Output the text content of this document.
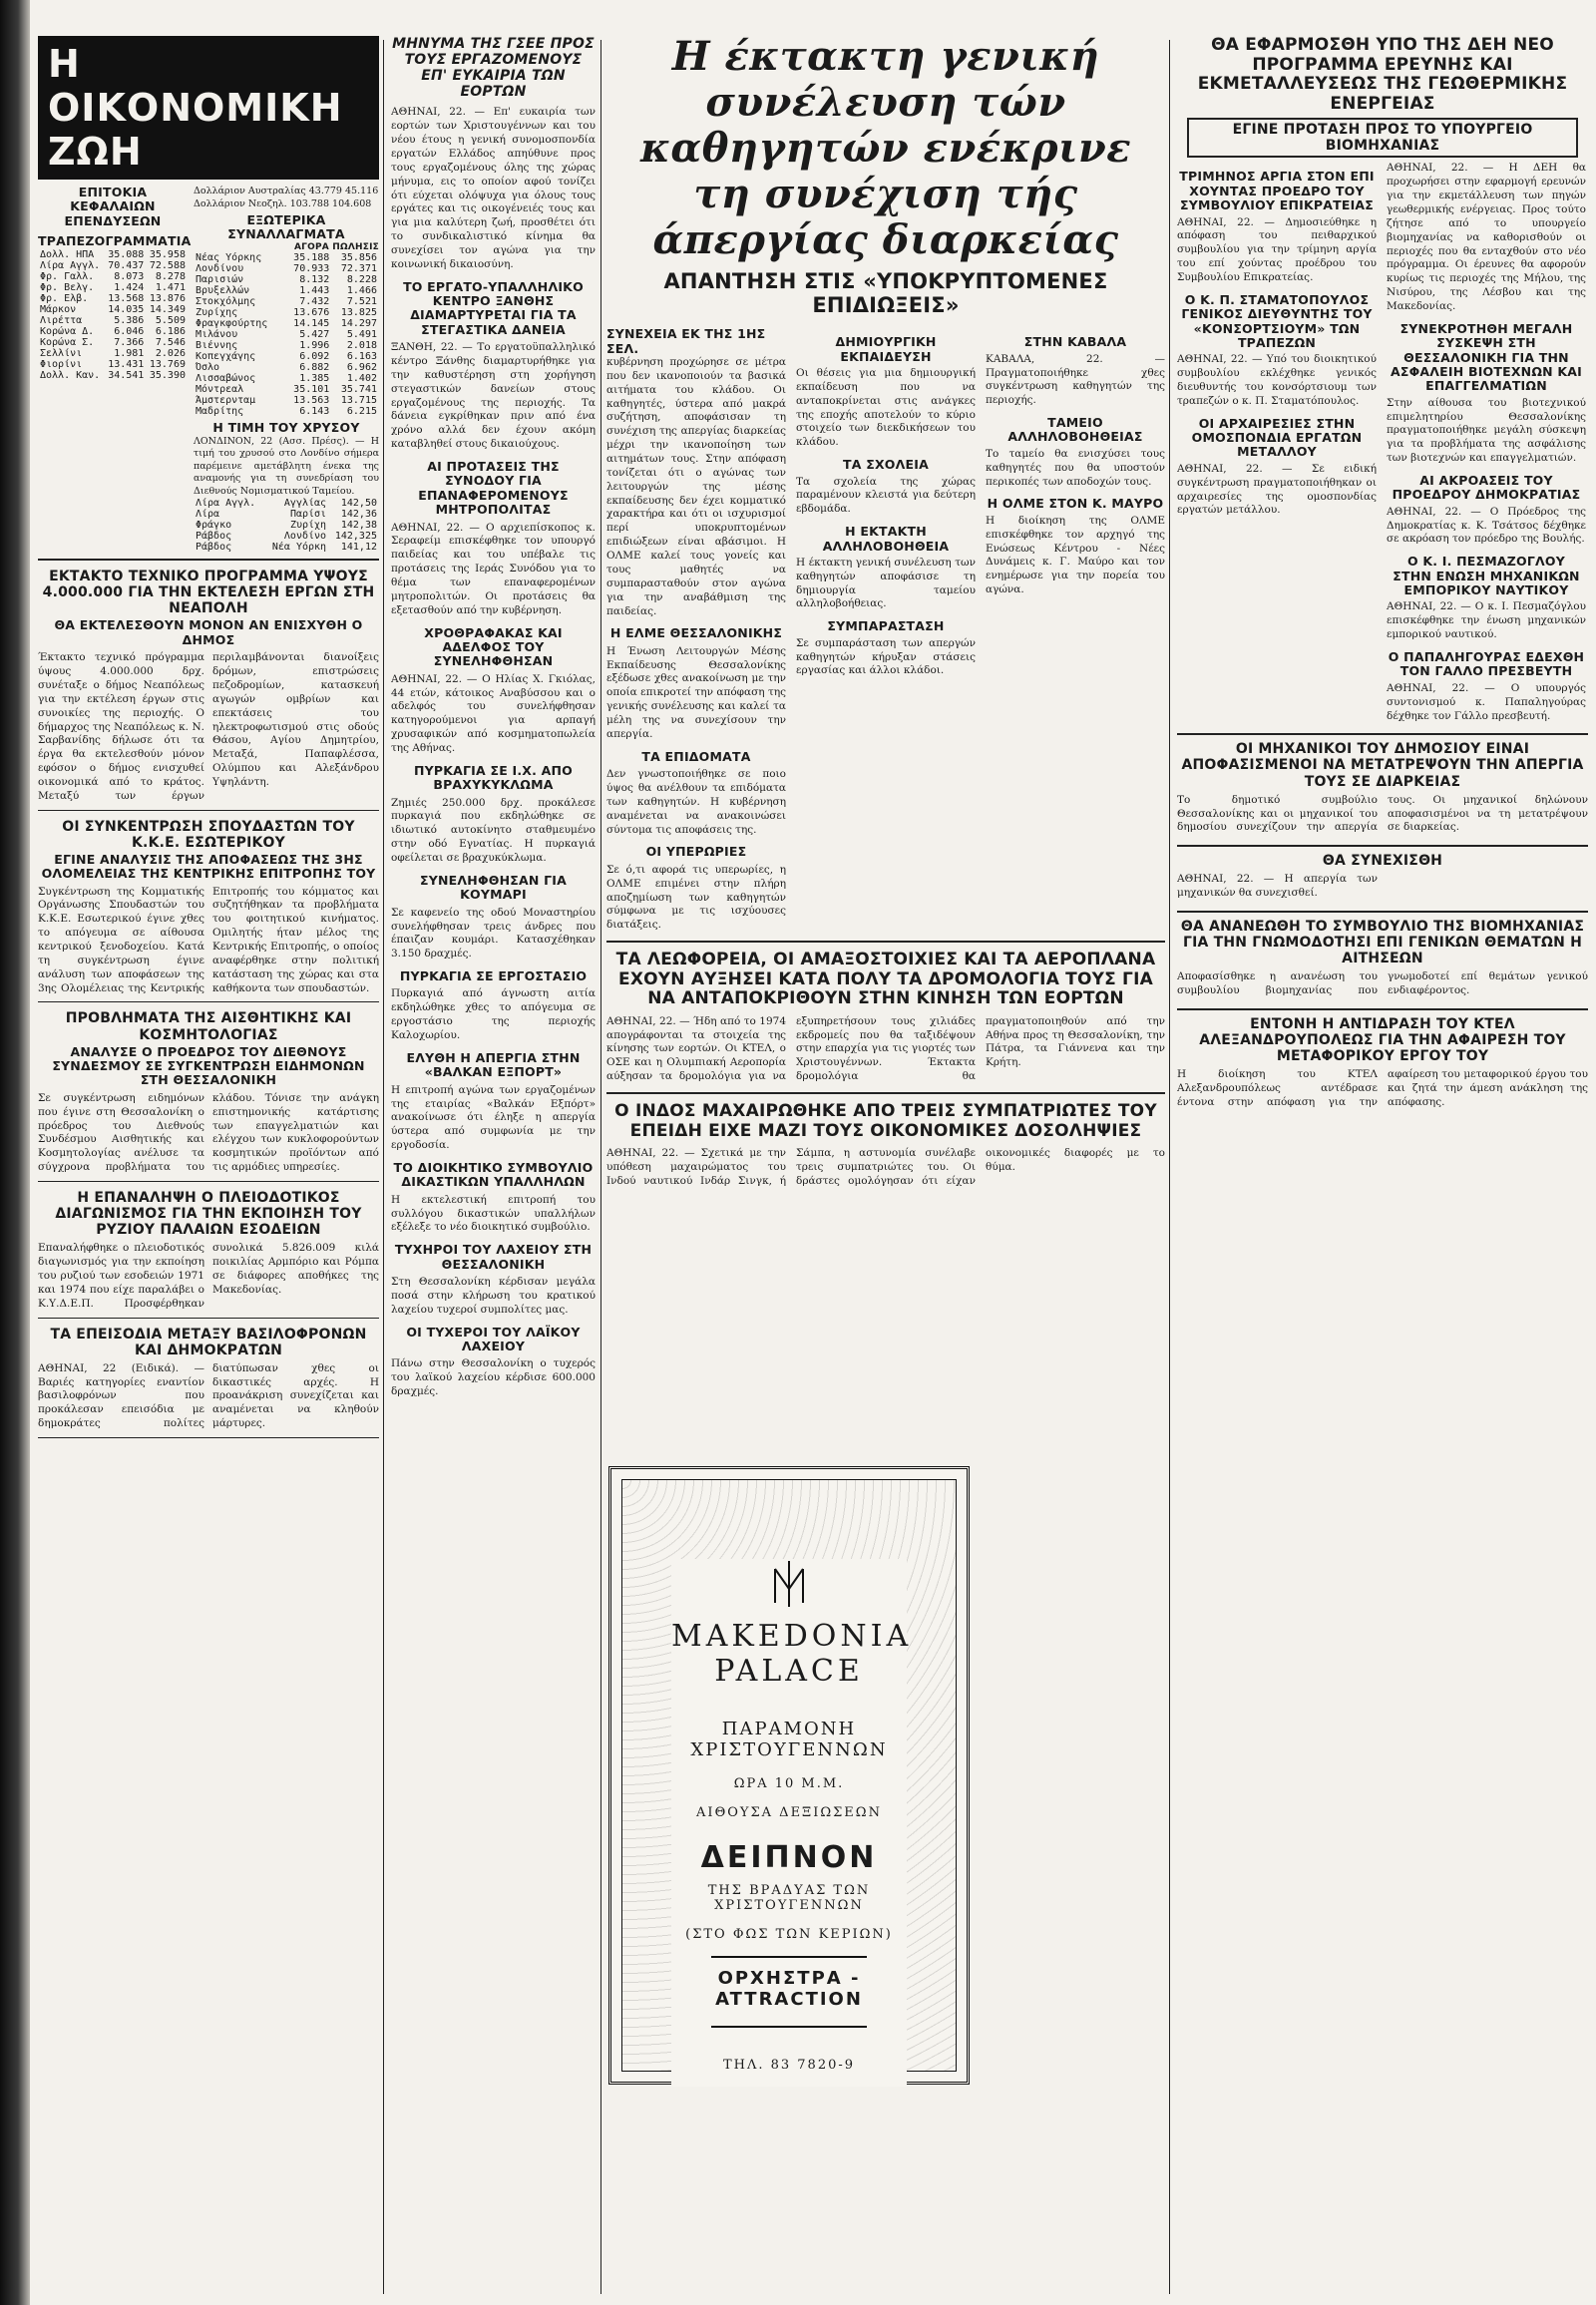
Η ΟΙΚΟΝΟΜΙΚΗ ΖΩΗ
ΕΠΙΤΟΚΙΑ ΚΕΦΑΛΑΙΩΝ ΕΠΕΝΔΥΣΕΩΝ
ΤΡΑΠΕΖΟΓΡΑΜΜΑΤΙΑ
Δολλ. ΗΠΑ	35.088	35.958
Λίρα Αγγλ.	70.437	72.588
Φρ. Γαλλ.	8.073	8.278
Φρ. Βελγ.	1.424	1.471
Φρ. Ελβ.	13.568	13.876
Μάρκον	14.035	14.349
Λιρέττα	5.386	5.509
Κορώνα Δ.	6.046	6.186
Κορώνα Σ.	7.366	7.546
Σελλίνι	1.981	2.026
Φιορίνι	13.431	13.769
Δολλ. Καν.	34.541	35.390
Δολλάριον Αυστραλίας 43.779 45.116
Δολλάριον Νεοζηλ. 103.788 104.608
ΕΞΩΤΕΡΙΚΑ ΣΥΝΑΛΛΑΓΜΑΤΑ
ΑΓΟΡΑ ΠΩΛΗΣΙΣ
Νέας Υόρκης	35.188	35.856
Λονδίνου	70.933	72.371
Παρισιών	8.132	8.228
Βρυξελλών	1.443	1.466
Στοκχόλμης	7.432	7.521
Ζυρίχης	13.676	13.825
Φραγκφούρτης	14.145	14.297
Μιλάνου	5.427	5.491
Βιέννης	1.996	2.018
Κοπεγχάγης	6.092	6.163
Όσλο	6.882	6.962
Λισσαβώνος	1.385	1.402
Μόντρεαλ	35.101	35.741
Άμστερνταμ	13.563	13.715
Μαδρίτης	6.143	6.215
Η ΤΙΜΗ ΤΟΥ ΧΡΥΣΟΥ
ΛΟΝΔΙΝΟΝ, 22 (Ασσ. Πρέσς). — Η τιμή του χρυσού στο Λονδίνο σήμερα παρέμεινε αμετάβλητη ένεκα της αναμονής για τη συνεδρίαση του Διεθνούς Νομισματικού Ταμείου.
Λίρα Αγγλ.	Αγγλίας	142,50
Λίρα	Παρίσι	142,36
Φράγκο	Ζυρίχη	142,38
Ράβδος	Λονδίνο	142,325
Ράβδος	Νέα Υόρκη	141,12
ΕΚΤΑΚΤΟ ΤΕΧΝΙΚΟ ΠΡΟΓΡΑΜΜΑ ΥΨΟΥΣ 4.000.000 ΓΙΑ ΤΗΝ ΕΚΤΕΛΕΣΗ ΕΡΓΩΝ ΣΤΗ ΝΕΑΠΟΛΗ
ΘΑ ΕΚΤΕΛΕΣΘΟΥΝ ΜΟΝΟΝ ΑΝ ΕΝΙΣΧΥΘΗ Ο ΔΗΜΟΣ
Έκτακτο τεχνικό πρόγραμμα ύψους 4.000.000 δρχ. συνέταξε ο δήμος Νεαπόλεως για την εκτέλεση έργων στις συνοικίες της περιοχής. Ο δήμαρχος της Νεαπόλεως κ. Ν. Σαρβανίδης δήλωσε ότι τα έργα θα εκτελεσθούν μόνον εφόσον ο δήμος ενισχυθεί οικονομικά από το κράτος. Μεταξύ των έργων περιλαμβάνονται διανοίξεις δρόμων, επιστρώσεις πεζοδρομίων, κατασκευή αγωγών ομβρίων και επεκτάσεις του ηλεκτροφωτισμού στις οδούς Θάσου, Αγίου Δημητρίου, Μεταξά, Παπαφλέσσα, Ολύμπου και Αλεξάνδρου Υψηλάντη.
ΟΙ ΣΥΝΚΕΝΤΡΩΣΗ ΣΠΟΥΔΑΣΤΩΝ ΤΟΥ Κ.Κ.Ε. ΕΣΩΤΕΡΙΚΟΥ
ΕΓΙΝΕ ΑΝΑΛΥΣΙΣ ΤΗΣ ΑΠΟΦΑΣΕΩΣ ΤΗΣ 3ΗΣ ΟΛΟΜΕΛΕΙΑΣ ΤΗΣ ΚΕΝΤΡΙΚΗΣ ΕΠΙΤΡΟΠΗΣ ΤΟΥ
Συγκέντρωση της Κομματικής Οργάνωσης Σπουδαστών του Κ.Κ.Ε. Εσωτερικού έγινε χθες το απόγευμα σε αίθουσα κεντρικού ξενοδοχείου. Κατά τη συγκέντρωση έγινε ανάλυση των αποφάσεων της 3ης Ολομέλειας της Κεντρικής Επιτροπής του κόμματος και συζητήθηκαν τα προβλήματα του φοιτητικού κινήματος. Ομιλητής ήταν μέλος της Κεντρικής Επιτροπής, ο οποίος αναφέρθηκε στην πολιτική κατάσταση της χώρας και στα καθήκοντα των σπουδαστών.
ΠΡΟΒΛΗΜΑΤΑ ΤΗΣ ΑΙΣΘΗΤΙΚΗΣ ΚΑΙ ΚΟΣΜΗΤΟΛΟΓΙΑΣ
ΑΝΑΛΥΣΕ Ο ΠΡΟΕΔΡΟΣ ΤΟΥ ΔΙΕΘΝΟΥΣ ΣΥΝΔΕΣΜΟΥ ΣΕ ΣΥΓΚΕΝΤΡΩΣΗ ΕΙΔΗΜΟΝΩΝ ΣΤΗ ΘΕΣΣΑΛΟΝΙΚΗ
Σε συγκέντρωση ειδημόνων που έγινε στη Θεσσαλονίκη ο πρόεδρος του Διεθνούς Συνδέσμου Αισθητικής και Κοσμητολογίας ανέλυσε τα σύγχρονα προβλήματα του κλάδου. Τόνισε την ανάγκη επιστημονικής κατάρτισης των επαγγελματιών και ελέγχου των κυκλοφορούντων κοσμητικών προϊόντων από τις αρμόδιες υπηρεσίες.
Η ΕΠΑΝΑΛΗΨΗ Ο ΠΛΕΙΟΔΟΤΙΚΟΣ ΔΙΑΓΩΝΙΣΜΟΣ ΓΙΑ ΤΗΝ ΕΚΠΟΙΗΣΗ ΤΟΥ ΡΥΖΙΟΥ ΠΑΛΑΙΩΝ ΕΣΟΔΕΙΩΝ
Επαναλήφθηκε ο πλειοδοτικός διαγωνισμός για την εκποίηση του ρυζιού των εσοδειών 1971 και 1974 που είχε παραλάβει ο Κ.Υ.Δ.Ε.Π. Προσφέρθηκαν συνολικά 5.826.009 κιλά ποικιλίας Αρμπόριο και Ρόμπα σε διάφορες αποθήκες της Μακεδονίας.
ΤΑ ΕΠΕΙΣΟΔΙΑ ΜΕΤΑΞΥ ΒΑΣΙΛΟΦΡΟΝΩΝ ΚΑΙ ΔΗΜΟΚΡΑΤΩΝ
ΑΘΗΝΑΙ, 22 (Ειδικά). — Βαριές κατηγορίες εναντίον βασιλοφρόνων που προκάλεσαν επεισόδια με δημοκράτες πολίτες διατύπωσαν χθες οι δικαστικές αρχές. Η προανάκριση συνεχίζεται και αναμένεται να κληθούν μάρτυρες.
ΜΗΝΥΜΑ ΤΗΣ ΓΣΕΕ ΠΡΟΣ ΤΟΥΣ ΕΡΓΑΖΟΜΕΝΟΥΣ ΕΠ' ΕΥΚΑΙΡΙΑ ΤΩΝ ΕΟΡΤΩΝ
ΑΘΗΝΑΙ, 22. — Επ' ευκαιρία των εορτών των Χριστουγέννων και του νέου έτους η γενική συνομοσπονδία εργατών Ελλάδος απηύθυνε προς τους εργαζομένους όλης της χώρας μήνυμα, εις το οποίον αφού τονίζει ότι εύχεται ολόψυχα για όλους τους εργάτες και τις οικογένειές τους και για μια καλύτερη ζωή, προσθέτει ότι το συνδικαλιστικό κίνημα θα συνεχίσει τον αγώνα για την κοινωνική δικαιοσύνη.
ΤΟ ΕΡΓΑΤΟ-ΥΠΑΛΛΗΛΙΚΟ ΚΕΝΤΡΟ ΞΑΝΘΗΣ ΔΙΑΜΑΡΤΥΡΕΤΑΙ ΓΙΑ ΤΑ ΣΤΕΓΑΣΤΙΚΑ ΔΑΝΕΙΑ
ΞΑΝΘΗ, 22. — Το εργατοϋπαλληλικό κέντρο Ξάνθης διαμαρτυρήθηκε για την καθυστέρηση στη χορήγηση στεγαστικών δανείων στους εργαζομένους της περιοχής. Τα δάνεια εγκρίθηκαν πριν από ένα χρόνο αλλά δεν έχουν ακόμη καταβληθεί στους δικαιούχους.
ΑΙ ΠΡΟΤΑΣΕΙΣ ΤΗΣ ΣΥΝΟΔΟΥ ΓΙΑ ΕΠΑΝΑΦΕΡΟΜΕΝΟΥΣ ΜΗΤΡΟΠΟΛΙΤΑΣ
ΑΘΗΝΑΙ, 22. — Ο αρχιεπίσκοπος κ. Σεραφείμ επισκέφθηκε τον υπουργό παιδείας και του υπέβαλε τις προτάσεις της Ιεράς Συνόδου για το θέμα των επαναφερομένων μητροπολιτών. Οι προτάσεις θα εξετασθούν από την κυβέρνηση.
ΧΡΟΘΡΑΦΑΚΑΣ ΚΑΙ ΑΔΕΛΦΟΣ ΤΟΥ ΣΥΝΕΛΗΦΘΗΣΑΝ
ΑΘΗΝΑΙ, 22. — Ο Ηλίας Χ. Γκιόλας, 44 ετών, κάτοικος Αναβύσσου και ο αδελφός του συνελήφθησαν κατηγορούμενοι για αρπαγή χρυσαφικών από κοσμηματοπωλεία της Αθήνας.
ΠΥΡΚΑΓΙΑ ΣΕ Ι.Χ. ΑΠΟ ΒΡΑΧΥΚΥΚΛΩΜΑ
Ζημιές 250.000 δρχ. προκάλεσε πυρκαγιά που εκδηλώθηκε σε ιδιωτικό αυτοκίνητο σταθμευμένο στην οδό Εγνατίας. Η πυρκαγιά οφείλεται σε βραχυκύκλωμα.
ΣΥΝΕΛΗΦΘΗΣΑΝ ΓΙΑ ΚΟΥΜΑΡΙ
Σε καφενείο της οδού Μοναστηρίου συνελήφθησαν τρεις άνδρες που έπαιζαν κουμάρι. Κατασχέθηκαν 3.150 δραχμές.
ΠΥΡΚΑΓΙΑ ΣΕ ΕΡΓΟΣΤΑΣΙΟ
Πυρκαγιά από άγνωστη αιτία εκδηλώθηκε χθες το απόγευμα σε εργοστάσιο της περιοχής Καλοχωρίου.
ΕΛΥΘΗ Η ΑΠΕΡΓΙΑ ΣΤΗΝ «ΒΑΛΚΑΝ ΕΞΠΟΡΤ»
Η επιτροπή αγώνα των εργαζομένων της εταιρίας «Βαλκάν Εξπόρτ» ανακοίνωσε ότι έληξε η απεργία ύστερα από συμφωνία με την εργοδοσία.
ΤΟ ΔΙΟΙΚΗΤΙΚΟ ΣΥΜΒΟΥΛΙΟ ΔΙΚΑΣΤΙΚΩΝ ΥΠΑΛΛΗΛΩΝ
Η εκτελεστική επιτροπή του συλλόγου δικαστικών υπαλλήλων εξέλεξε το νέο διοικητικό συμβούλιο.
ΤΥΧΗΡΟΙ ΤΟΥ ΛΑΧΕΙΟΥ ΣΤΗ ΘΕΣΣΑΛΟΝΙΚΗ
Στη Θεσσαλονίκη κέρδισαν μεγάλα ποσά στην κλήρωση του κρατικού λαχείου τυχεροί συμπολίτες μας.
ΟΙ ΤΥΧΕΡΟΙ ΤΟΥ ΛΑΪΚΟΥ ΛΑΧΕΙΟΥ
Πάνω στην Θεσσαλονίκη ο τυχερός του λαϊκού λαχείου κέρδισε 600.000 δραχμές.
Η έκτακτη γενική συνέλευση τών καθηγητών ενέκρινε τη συνέχιση τής άπεργίας διαρκείας
ΑΠΑΝΤΗΣΗ ΣΤΙΣ «ΥΠΟΚΡΥΠΤΟΜΕΝΕΣ ΕΠΙΔΙΩΞΕΙΣ»
ΣΥΝΕΧΕΙΑ ΕΚ ΤΗΣ 1ΗΣ ΣΕΛ.
κυβέρνηση προχώρησε σε μέτρα που δεν ικανοποιούν τα βασικά αιτήματα του κλάδου. Οι καθηγητές, ύστερα από μακρά συζήτηση, αποφάσισαν τη συνέχιση της απεργίας διαρκείας μέχρι την ικανοποίηση των αιτημάτων τους. Στην απόφαση τονίζεται ότι ο αγώνας των λειτουργών της μέσης εκπαίδευσης δεν έχει κομματικό χαρακτήρα και ότι οι ισχυρισμοί περί υποκρυπτομένων επιδιώξεων είναι αβάσιμοι. Η ΟΛΜΕ καλεί τους γονείς και τους μαθητές να συμπαρασταθούν στον αγώνα για την αναβάθμιση της παιδείας.
Η ΕΛΜΕ ΘΕΣΣΑΛΟΝΙΚΗΣ
Η Ένωση Λειτουργών Μέσης Εκπαίδευσης Θεσσαλονίκης εξέδωσε χθες ανακοίνωση με την οποία επικροτεί την απόφαση της γενικής συνέλευσης και καλεί τα μέλη της να συνεχίσουν την απεργία.
ΤΑ ΕΠΙΔΟΜΑΤΑ
Δεν γνωστοποιήθηκε σε ποιο ύψος θα ανέλθουν τα επιδόματα των καθηγητών. Η κυβέρνηση αναμένεται να ανακοινώσει σύντομα τις αποφάσεις της.
ΟΙ ΥΠΕΡΩΡΙΕΣ
Σε ό,τι αφορά τις υπερωρίες, η ΟΛΜΕ επιμένει στην πλήρη αποζημίωση των καθηγητών σύμφωνα με τις ισχύουσες διατάξεις.
ΔΗΜΙΟΥΡΓΙΚΗ ΕΚΠΑΙΔΕΥΣΗ
Οι θέσεις για μια δημιουργική εκπαίδευση που να ανταποκρίνεται στις ανάγκες της εποχής αποτελούν το κύριο στοιχείο των διεκδικήσεων του κλάδου.
ΤΑ ΣΧΟΛΕΙΑ
Τα σχολεία της χώρας παραμένουν κλειστά για δεύτερη εβδομάδα.
Η ΕΚΤΑΚΤΗ ΑΛΛΗΛΟΒΟΗΘΕΙΑ
Η έκτακτη γενική συνέλευση των καθηγητών αποφάσισε τη δημιουργία ταμείου αλληλοβοήθειας.
ΣΥΜΠΑΡΑΣΤΑΣΗ
Σε συμπαράσταση των απεργών καθηγητών κήρυξαν στάσεις εργασίας και άλλοι κλάδοι.
ΣΤΗΝ ΚΑΒΑΛΑ
ΚΑΒΑΛΑ, 22. — Πραγματοποιήθηκε χθες συγκέντρωση καθηγητών της περιοχής.
ΤΑΜΕΙΟ ΑΛΛΗΛΟΒΟΗΘΕΙΑΣ
Το ταμείο θα ενισχύσει τους καθηγητές που θα υποστούν περικοπές των αποδοχών τους.
Η ΟΛΜΕ ΣΤΟΝ Κ. ΜΑΥΡΟ
Η διοίκηση της ΟΛΜΕ επισκέφθηκε τον αρχηγό της Ενώσεως Κέντρου - Νέες Δυνάμεις κ. Γ. Μαύρο και τον ενημέρωσε για την πορεία του αγώνα.
ΤΑ ΛΕΩΦΟΡΕΙΑ, ΟΙ ΑΜΑΞΟΣΤΟΙΧΙΕΣ ΚΑΙ ΤΑ ΑΕΡΟΠΛΑΝΑ ΕΧΟΥΝ ΑΥΞΗΣΕΙ ΚΑΤΑ ΠΟΛΥ ΤΑ ΔΡΟΜΟΛΟΓΙΑ ΤΟΥΣ ΓΙΑ ΝΑ ΑΝΤΑΠΟΚΡΙΘΟΥΝ ΣΤΗΝ ΚΙΝΗΣΗ ΤΩΝ ΕΟΡΤΩΝ
ΑΘΗΝΑΙ, 22. — Ήδη από το 1974 απογράφονται τα στοιχεία της κίνησης των εορτών. Οι ΚΤΕΛ, ο ΟΣΕ και η Ολυμπιακή Αεροπορία αύξησαν τα δρομολόγια για να εξυπηρετήσουν τους χιλιάδες εκδρομείς που θα ταξιδέψουν στην επαρχία για τις γιορτές των Χριστουγέννων. Έκτακτα δρομολόγια θα πραγματοποιηθούν από την Αθήνα προς τη Θεσσαλονίκη, την Πάτρα, τα Γιάννενα και την Κρήτη.
Ο ΙΝΔΟΣ ΜΑΧΑΙΡΩΘΗΚΕ ΑΠΟ ΤΡΕΙΣ ΣΥΜΠΑΤΡΙΩΤΕΣ ΤΟΥ ΕΠΕΙΔΗ ΕΙΧΕ ΜΑΖΙ ΤΟΥΣ ΟΙΚΟΝΟΜΙΚΕΣ ΔΟΣΟΛΗΨΙΕΣ
ΑΘΗΝΑΙ, 22. — Σχετικά με την υπόθεση μαχαιρώματος του Ινδού ναυτικού Ινδάρ Σινγκ, ή Σάμπα, η αστυνομία συνέλαβε τρεις συμπατριώτες του. Οι δράστες ομολόγησαν ότι είχαν οικονομικές διαφορές με το θύμα.
MAKEDONIA PALACE
ΠΑΡΑΜΟΝΗ ΧΡΙΣΤΟΥΓΕΝΝΩΝ
ΩΡΑ 10 Μ.Μ.
ΑΙΘΟΥΣΑ ΔΕΞΙΩΣΕΩΝ
ΔΕΙΠΝΟΝ
ΤΗΣ ΒΡΑΔΥΑΣ ΤΩΝ ΧΡΙΣΤΟΥΓΕΝΝΩΝ
(ΣΤΟ ΦΩΣ ΤΩΝ ΚΕΡΙΩΝ)
ΟΡΧΗΣΤΡΑ - ATTRACTION
ΤΗΛ. 83 7820-9
ΘΑ ΕΦΑΡΜΟΣΘΗ ΥΠΟ ΤΗΣ ΔΕΗ ΝΕΟ ΠΡΟΓΡΑΜΜΑ ΕΡΕΥΝΗΣ ΚΑΙ ΕΚΜΕΤΑΛΛΕΥΣΕΩΣ ΤΗΣ ΓΕΩΘΕΡΜΙΚΗΣ ΕΝΕΡΓΕΙΑΣ
ΕΓΙΝΕ ΠΡΟΤΑΣΗ ΠΡΟΣ ΤΟ ΥΠΟΥΡΓΕΙΟ ΒΙΟΜΗΧΑΝΙΑΣ
ΤΡΙΜΗΝΟΣ ΑΡΓΙΑ ΣΤΟΝ ΕΠΙ ΧΟΥΝΤΑΣ ΠΡΟΕΔΡΟ ΤΟΥ ΣΥΜΒΟΥΛΙΟΥ ΕΠΙΚΡΑΤΕΙΑΣ
ΑΘΗΝΑΙ, 22. — Δημοσιεύθηκε η απόφαση του πειθαρχικού συμβουλίου για την τρίμηνη αργία του επί χούντας προέδρου του Συμβουλίου Επικρατείας.
Ο Κ. Π. ΣΤΑΜΑΤΟΠΟΥΛΟΣ ΓΕΝΙΚΟΣ ΔΙΕΥΘΥΝΤΗΣ ΤΟΥ «ΚΟΝΣΟΡΤΣΙΟΥΜ» ΤΩΝ ΤΡΑΠΕΖΩΝ
ΑΘΗΝΑΙ, 22. — Υπό του διοικητικού συμβουλίου εκλέχθηκε γενικός διευθυντής του κονσόρτσιουμ των τραπεζών ο κ. Π. Σταματόπουλος.
ΟΙ ΑΡΧΑΙΡΕΣΙΕΣ ΣΤΗΝ ΟΜΟΣΠΟΝΔΙΑ ΕΡΓΑΤΩΝ ΜΕΤΑΛΛΟΥ
ΑΘΗΝΑΙ, 22. — Σε ειδική συγκέντρωση πραγματοποιήθηκαν οι αρχαιρεσίες της ομοσπονδίας εργατών μετάλλου.
ΑΘΗΝΑΙ, 22. — Η ΔΕΗ θα προχωρήσει στην εφαρμογή ερευνών για την εκμετάλλευση των πηγών γεωθερμικής ενέργειας. Προς τούτο ζήτησε από το υπουργείο βιομηχανίας να καθορισθούν οι περιοχές που θα ενταχθούν στο νέο πρόγραμμα. Οι έρευνες θα αφορούν κυρίως τις περιοχές της Μήλου, της Νισύρου, της Λέσβου και της Μακεδονίας.
ΣΥΝΕΚΡΟΤΗΘΗ ΜΕΓΑΛΗ ΣΥΣΚΕΨΗ ΣΤΗ ΘΕΣΣΑΛΟΝΙΚΗ ΓΙΑ ΤΗΝ ΑΣΦΑΛΕΙΗ ΒΙΟΤΕΧΝΩΝ ΚΑΙ ΕΠΑΓΓΕΛΜΑΤΙΩΝ
Στην αίθουσα του βιοτεχνικού επιμελητηρίου Θεσσαλονίκης πραγματοποιήθηκε μεγάλη σύσκεψη για τα προβλήματα της ασφάλισης των βιοτεχνών και επαγγελματιών.
ΑΙ ΑΚΡΟΑΣΕΙΣ ΤΟΥ ΠΡΟΕΔΡΟΥ ΔΗΜΟΚΡΑΤΙΑΣ
ΑΘΗΝΑΙ, 22. — Ο Πρόεδρος της Δημοκρατίας κ. Κ. Τσάτσος δέχθηκε σε ακρόαση τον πρόεδρο της Βουλής.
Ο Κ. Ι. ΠΕΣΜΑΖΟΓΛΟΥ ΣΤΗΝ ΕΝΩΣΗ ΜΗΧΑΝΙΚΩΝ ΕΜΠΟΡΙΚΟΥ ΝΑΥΤΙΚΟΥ
ΑΘΗΝΑΙ, 22. — Ο κ. Ι. Πεσμαζόγλου επισκέφθηκε την ένωση μηχανικών εμπορικού ναυτικού.
Ο ΠΑΠΑΛΗΓΟΥΡΑΣ ΕΔΕΧΘΗ ΤΟΝ ΓΑΛΛΟ ΠΡΕΣΒΕΥΤΗ
ΑΘΗΝΑΙ, 22. — Ο υπουργός συντονισμού κ. Παπαληγούρας δέχθηκε τον Γάλλο πρεσβευτή.
ΟΙ ΜΗΧΑΝΙΚΟΙ ΤΟΥ ΔΗΜΟΣΙΟΥ ΕΙΝΑΙ ΑΠΟΦΑΣΙΣΜΕΝΟΙ ΝΑ ΜΕΤΑΤΡΕΨΟΥΝ ΤΗΝ ΑΠΕΡΓΙΑ ΤΟΥΣ ΣΕ ΔΙΑΡΚΕΙΑΣ
Το δημοτικό συμβούλιο Θεσσαλονίκης και οι μηχανικοί του δημοσίου συνεχίζουν την απεργία τους. Οι μηχανικοί δηλώνουν αποφασισμένοι να τη μετατρέψουν σε διαρκείας.
ΘΑ ΣΥΝΕΧΙΣΘΗ
ΑΘΗΝΑΙ, 22. — Η απεργία των μηχανικών θα συνεχισθεί.
ΘΑ ΑΝΑΝΕΩΘΗ ΤΟ ΣΥΜΒΟΥΛΙΟ ΤΗΣ ΒΙΟΜΗΧΑΝΙΑΣ ΓΙΑ ΤΗΝ ΓΝΩΜΟΔΟΤΗΣΙ ΕΠΙ ΓΕΝΙΚΩΝ ΘΕΜΑΤΩΝ Η ΑΙΤΗΣΕΩΝ
Αποφασίσθηκε η ανανέωση του συμβουλίου βιομηχανίας που γνωμοδοτεί επί θεμάτων γενικού ενδιαφέροντος.
ΕΝΤΟΝΗ Η ΑΝΤΙΔΡΑΣΗ ΤΟΥ ΚΤΕΛ ΑΛΕΞΑΝΔΡΟΥΠΟΛΕΩΣ ΓΙΑ ΤΗΝ ΑΦΑΙΡΕΣΗ ΤΟΥ ΜΕΤΑΦΟΡΙΚΟΥ ΕΡΓΟΥ ΤΟΥ
Η διοίκηση του ΚΤΕΛ Αλεξανδρουπόλεως αντέδρασε έντονα στην απόφαση για την αφαίρεση του μεταφορικού έργου του και ζητά την άμεση ανάκληση της απόφασης.
